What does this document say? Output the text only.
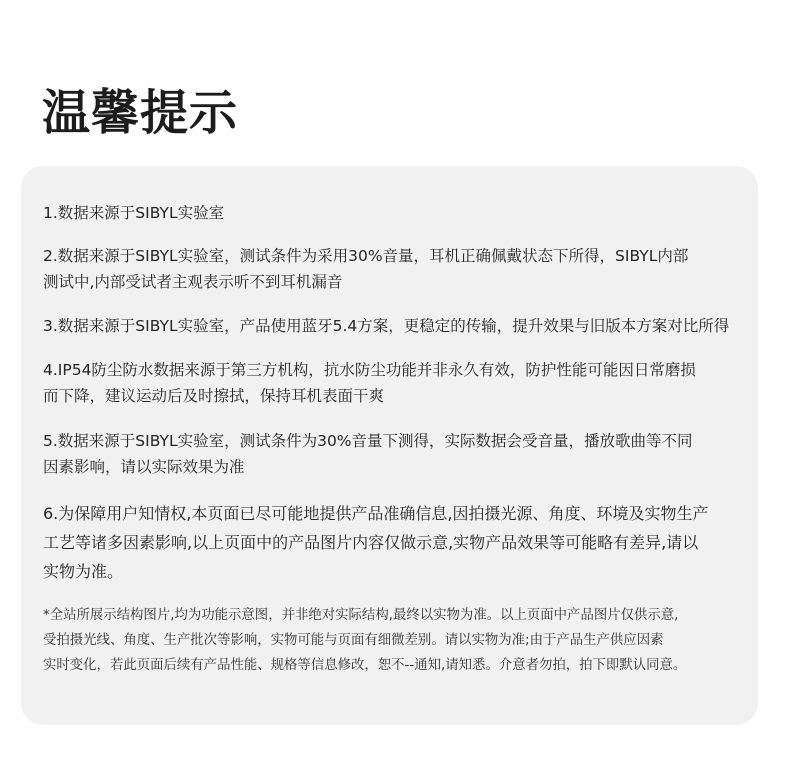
温馨提示

1.数据来源于SIBYL实验室

2.数据来源于SIBYL实验室，测试条件为采用30%音量，耳机正确佩戴状态下所得，SIBYL内部
测试中,内部受试者主观表示听不到耳机漏音

3.数据来源于SIBYL实验室，产品使用蓝牙5.4方案，更稳定的传输，提升效果与旧版本方案对比所得

4.IP54防尘防水数据来源于第三方机构，抗水防尘功能并非永久有效，防护性能可能因日常磨损
而下降，建议运动后及时擦拭，保持耳机表面干爽

5.数据来源于SIBYL实验室，测试条件为30%音量下测得，实际数据会受音量，播放歌曲等不同
因素影响，请以实际效果为准

6.为保障用户知情权,本页面已尽可能地提供产品准确信息,因拍摄光源、角度、环境及实物生产
工艺等诸多因素影响,以上页面中的产品图片内容仅做示意,实物产品效果等可能略有差异,请以
实物为准。

*全站所展示结构图片,均为功能示意图，并非绝对实际结构,最终以实物为准。以上页面中产品图片仅供示意,
受拍摄光线、角度、生产批次等影响，实物可能与页面有细微差别。请以实物为准;由于产品生产供应因素
实时变化，若此页面后续有产品性能、规格等信息修改，恕不--通知,请知悉。介意者勿拍，拍下即默认同意。
